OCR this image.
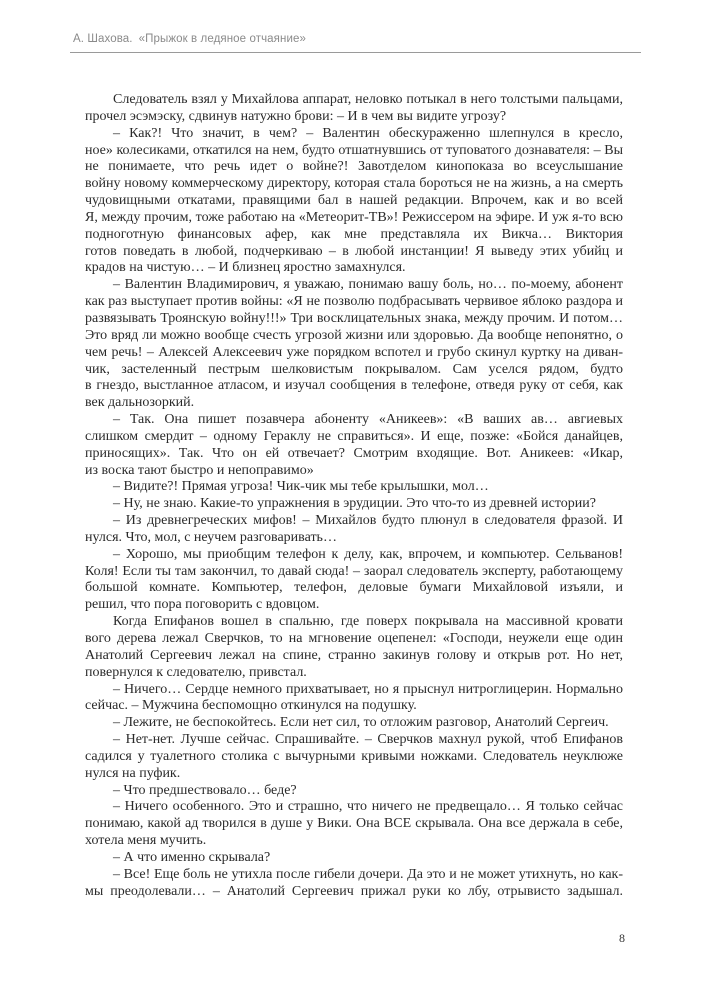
А. Шахова. «Прыжок в ледяное отчаяние»
Следователь взял у Михайлова аппарат, неловко потыкал в него толстыми пальцами,
прочел эсэмэску, сдвинув натужно брови: – И в чем вы видите угрозу?
– Как?! Что значит, в чем? – Валентин обескураженно шлепнулся в кресло,
ное» колесиками, откатился на нем, будто отшатнувшись от туповатого дознавателя: – Вы
не понимаете, что речь идет о войне?! Завотделом кинопоказа во всеуслышание
войну новому коммерческому директору, которая стала бороться не на жизнь, а на смерть
чудовищными откатами, правящими бал в нашей редакции. Впрочем, как и во всей
Я, между прочим, тоже работаю на «Метеорит-ТВ»! Режиссером на эфире. И уж я-то всю
подноготную финансовых афер, как мне представляла их Викча… Виктория
готов поведать в любой, подчеркиваю – в любой инстанции! Я выведу этих убийц и
крадов на чистую… – И близнец яростно замахнулся.
– Валентин Владимирович, я уважаю, понимаю вашу боль, но… по-моему, абонент
как раз выступает против войны: «Я не позволю подбрасывать червивое яблоко раздора и
развязывать Троянскую войну!!!» Три восклицательных знака, между прочим. И потом…
Это вряд ли можно вообще счесть угрозой жизни или здоровью. Да вообще непонятно, о
чем речь! – Алексей Алексеевич уже порядком вспотел и грубо скинул куртку на диван-
чик, застеленный пестрым шелковистым покрывалом. Сам уселся рядом, будто
в гнездо, выстланное атласом, и изучал сообщения в телефоне, отведя руку от себя, как
век дальнозоркий.
– Так. Она пишет позавчера абоненту «Аникеев»: «В ваших ав… авгиевых
слишком смердит – одному Гераклу не справиться». И еще, позже: «Бойся данайцев,
приносящих». Так. Что он ей отвечает? Смотрим входящие. Вот. Аникеев: «Икар,
из воска тают быстро и непоправимо»
– Видите?! Прямая угроза! Чик-чик мы тебе крылышки, мол…
– Ну, не знаю. Какие-то упражнения в эрудиции. Это что-то из древней истории?
– Из древнегреческих мифов! – Михайлов будто плюнул в следователя фразой. И
нулся. Что, мол, с неучем разговаривать…
– Хорошо, мы приобщим телефон к делу, как, впрочем, и компьютер. Сельванов!
Коля! Если ты там закончил, то давай сюда! – заорал следователь эксперту, работающему
большой комнате. Компьютер, телефон, деловые бумаги Михайловой изъяли, и
решил, что пора поговорить с вдовцом.
Когда Епифанов вошел в спальню, где поверх покрывала на массивной кровати
вого дерева лежал Сверчков, то на мгновение оцепенел: «Господи, неужели еще один
Анатолий Сергеевич лежал на спине, странно закинув голову и открыв рот. Но нет,
повернулся к следователю, привстал.
– Ничего… Сердце немного прихватывает, но я прыснул нитроглицерин. Нормально
сейчас. – Мужчина беспомощно откинулся на подушку.
– Лежите, не беспокойтесь. Если нет сил, то отложим разговор, Анатолий Сергеич.
– Нет-нет. Лучше сейчас. Спрашивайте. – Сверчков махнул рукой, чтоб Епифанов
садился у туалетного столика с вычурными кривыми ножками. Следователь неуклюже
нулся на пуфик.
– Что предшествовало… беде?
– Ничего особенного. Это и страшно, что ничего не предвещало… Я только сейчас
понимаю, какой ад творился в душе у Вики. Она ВСЕ скрывала. Она все держала в себе,
хотела меня мучить.
– А что именно скрывала?
– Все! Еще боль не утихла после гибели дочери. Да это и не может утихнуть, но как-
мы преодолевали… – Анатолий Сергеевич прижал руки ко лбу, отрывисто задышал.
8
